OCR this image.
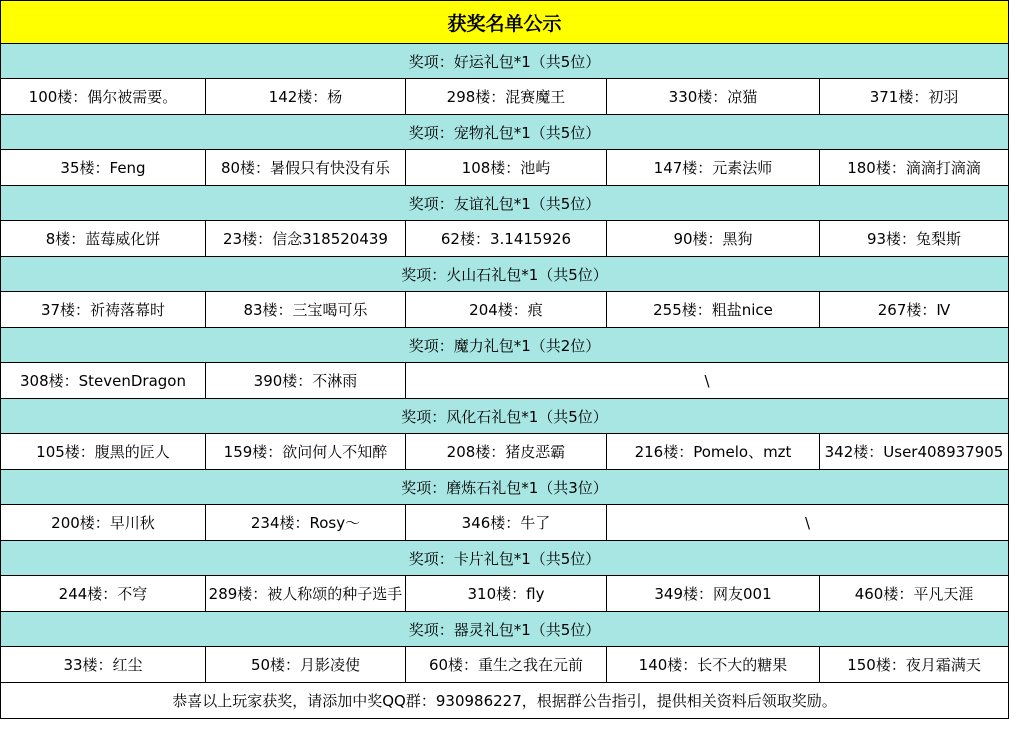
获奖名单公示				
奖项：好运礼包*1（共5位）				
100楼：偶尔被需要。	142楼：杨	298楼：混赛魔王	330楼：凉猫	371楼：初羽
奖项：宠物礼包*1（共5位）				
35楼：Feng	80楼：暑假只有快没有乐	108楼：池屿	147楼：元素法师	180楼：滴滴打滴滴
奖项：友谊礼包*1（共5位）				
8楼：蓝莓威化饼	23楼：信念318520439	62楼：3.1415926	90楼：黑狗	93楼：兔梨斯
奖项：火山石礼包*1（共5位）				
37楼：祈祷落幕时	83楼：三宝喝可乐	204楼：痕	255楼：粗盐nice	267楼：Ⅳ
奖项：魔力礼包*1（共2位）				
308楼：StevenDragon	390楼：不淋雨	\		
奖项：风化石礼包*1（共5位）				
105楼：腹黑的匠人	159楼：欲问何人不知醉	208楼：猪皮恶霸	216楼：Pomelo、mzt	342楼：User408937905
奖项：磨炼石礼包*1（共3位）				
200楼：早川秋	234楼：Rosy〜	346楼：牛了	\	
奖项：卡片礼包*1（共5位）				
244楼：不穹	289楼：被人称颂的种子选手	310楼：fly	349楼：网友001	460楼：平凡天涯
奖项：器灵礼包*1（共5位）				
33楼：红尘	50楼：月影凌使	60楼：重生之我在元前	140楼：长不大的糖果	150楼：夜月霜满天
恭喜以上玩家获奖，请添加中奖QQ群：930986227，根据群公告指引，提供相关资料后领取奖励。				
